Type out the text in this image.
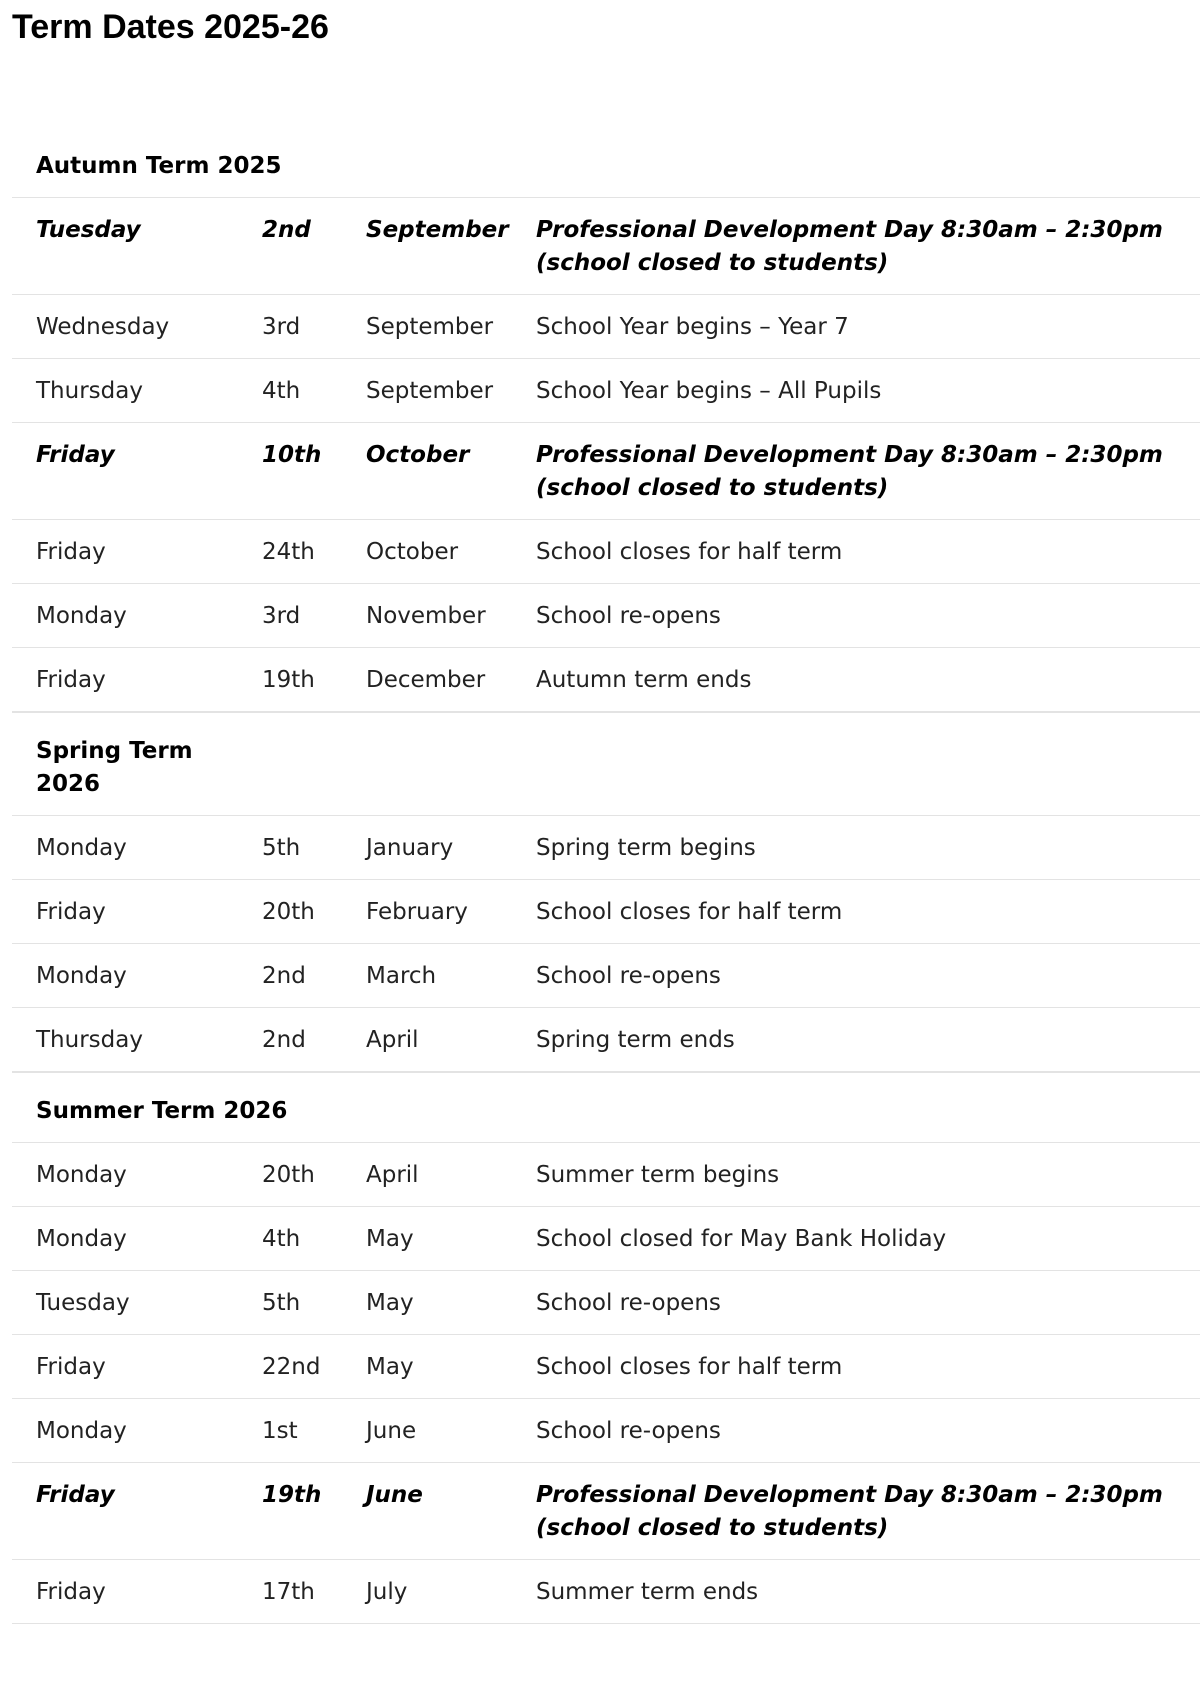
Term Dates 2025-26
Autumn Term 2025			
Tuesday	2nd	September	Professional Development Day 8:30am – 2:30pm (school closed to students)
Wednesday	3rd	September	School Year begins – Year 7
Thursday	4th	September	School Year begins – All Pupils
Friday	10th	October	Professional Development Day 8:30am – 2:30pm (school closed to students)
Friday	24th	October	School closes for half term
Monday	3rd	November	School re-opens
Friday	19th	December	Autumn term ends

Spring Term 2026			
Monday	5th	January	Spring term begins
Friday	20th	February	School closes for half term
Monday	2nd	March	School re-opens
Thursday	2nd	April	Spring term ends

Summer Term 2026			
Monday	20th	April	Summer term begins
Monday	4th	May	School closed for May Bank Holiday
Tuesday	5th	May	School re-opens
Friday	22nd	May	School closes for half term
Monday	1st	June	School re-opens
Friday	19th	June	Professional Development Day 8:30am – 2:30pm (school closed to students)
Friday	17th	July	Summer term ends
